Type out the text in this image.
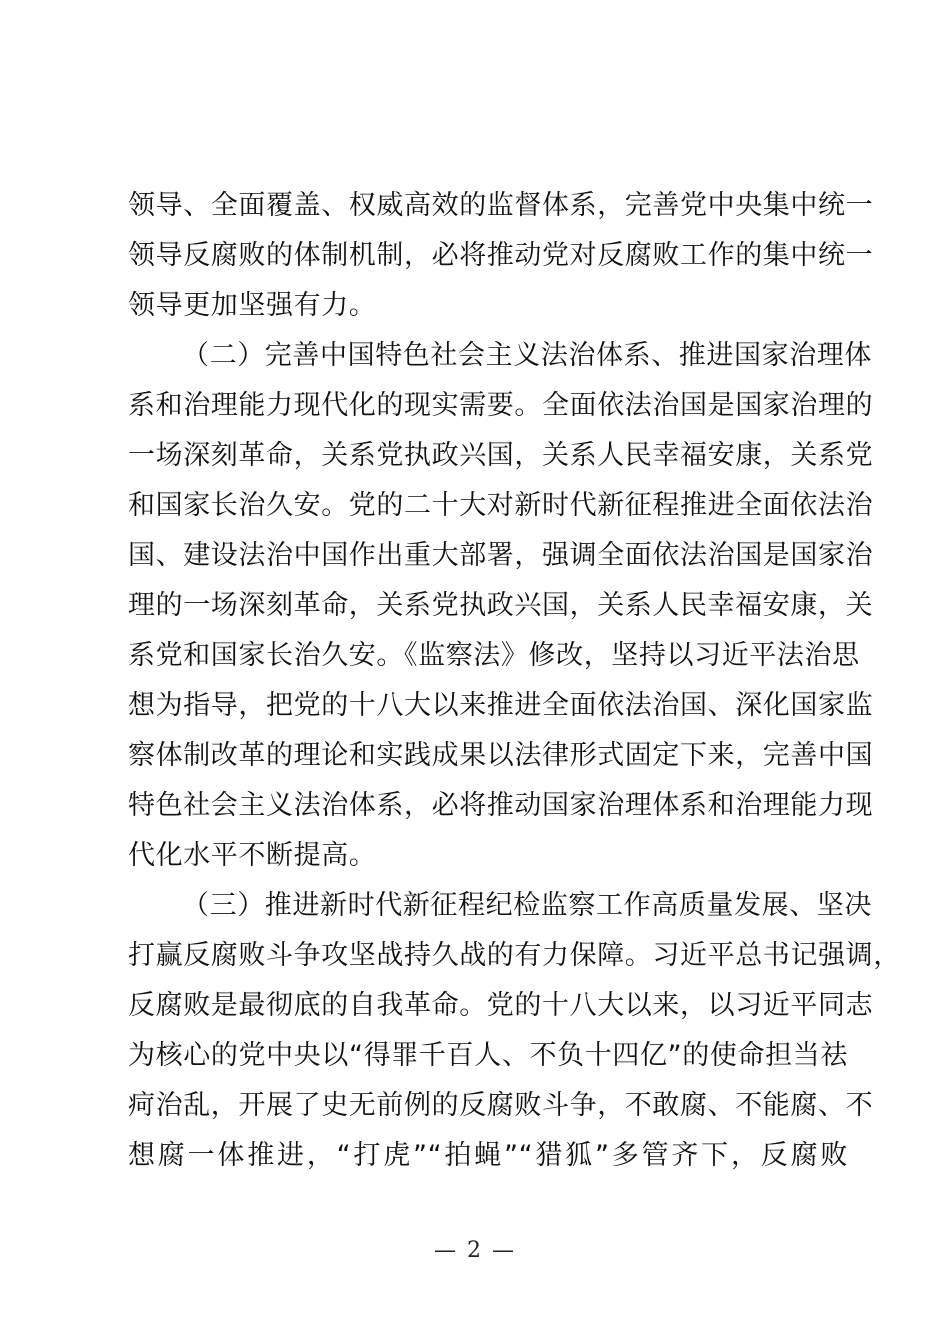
领导、全面覆盖、权威高效的监督体系，完善党中央集中统一
领导反腐败的体制机制，必将推动党对反腐败工作的集中统一
领导更加坚强有力。
（二）完善中国特色社会主义法治体系、推进国家治理体
系和治理能力现代化的现实需要。全面依法治国是国家治理的
一场深刻革命，关系党执政兴国，关系人民幸福安康，关系党
和国家长治久安。党的二十大对新时代新征程推进全面依法治
国、建设法治中国作出重大部署，强调全面依法治国是国家治
理的一场深刻革命，关系党执政兴国，关系人民幸福安康，关
系党和国家长治久安。《监察法》修改，坚持以习近平法治思
想为指导，把党的十八大以来推进全面依法治国、深化国家监
察体制改革的理论和实践成果以法律形式固定下来，完善中国
特色社会主义法治体系，必将推动国家治理体系和治理能力现
代化水平不断提高。
（三）推进新时代新征程纪检监察工作高质量发展、坚决
打赢反腐败斗争攻坚战持久战的有力保障。习近平总书记强调，
反腐败是最彻底的自我革命。党的十八大以来，以习近平同志
为核心的党中央以“得罪千百人、不负十四亿”的使命担当祛
疴治乱，开展了史无前例的反腐败斗争，不敢腐、不能腐、不
想腐一体推进，“打虎”“拍蝇”“猎狐”多管齐下，反腐败
— 2 —
